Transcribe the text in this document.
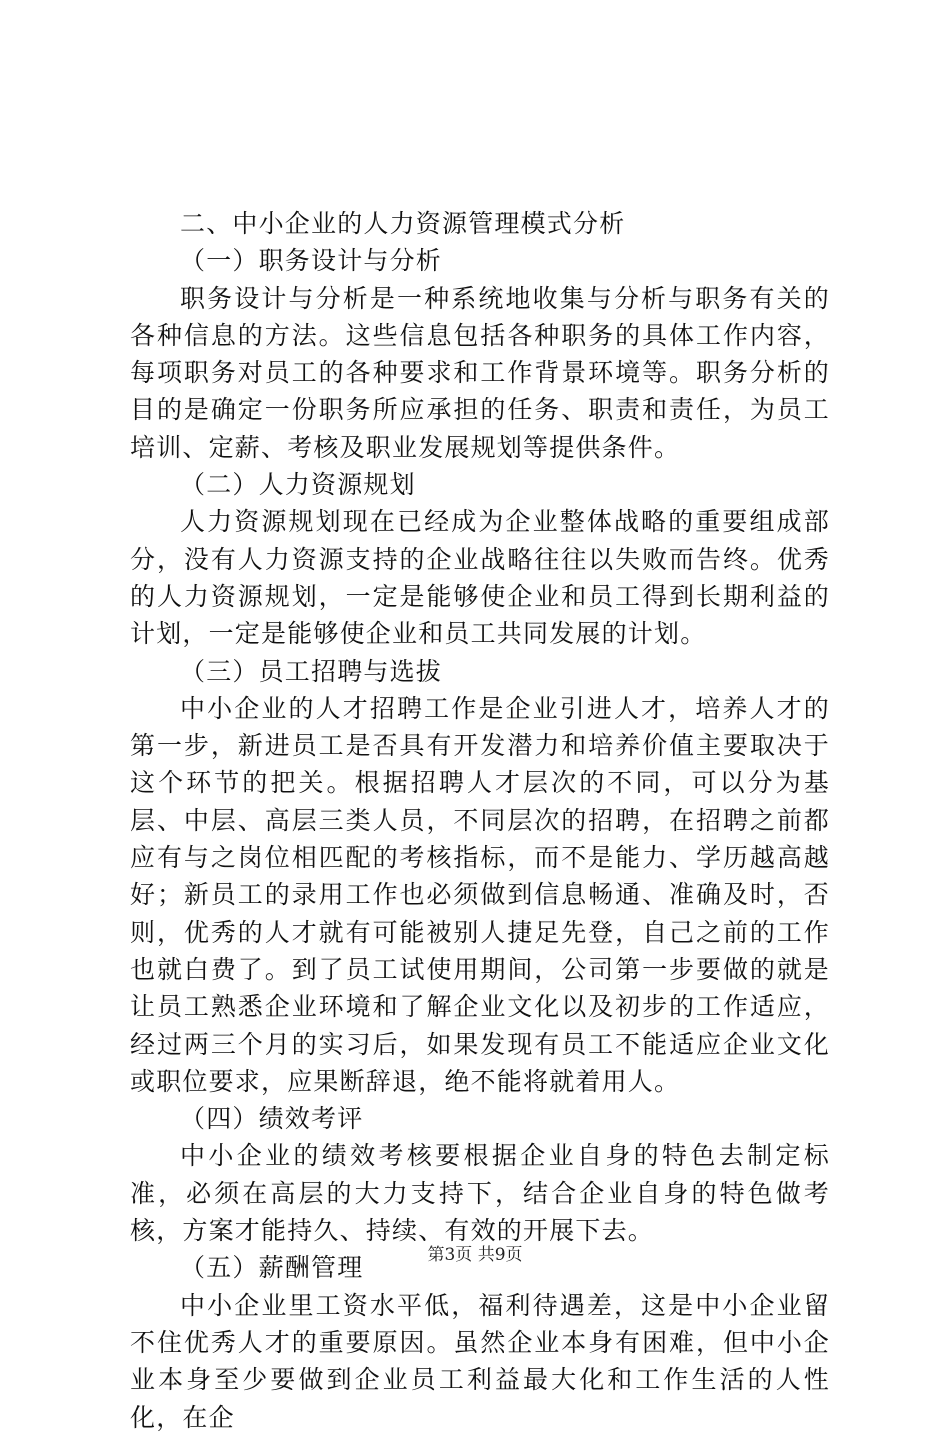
二、中小企业的人力资源管理模式分析

（一）职务设计与分析

职务设计与分析是一种系统地收集与分析与职务有关的各种信息的方法。这些信息包括各种职务的具体工作内容，每项职务对员工的各种要求和工作背景环境等。职务分析的目的是确定一份职务所应承担的任务、职责和责任，为员工培训、定薪、考核及职业发展规划等提供条件。

（二）人力资源规划

人力资源规划现在已经成为企业整体战略的重要组成部分，没有人力资源支持的企业战略往往以失败而告终。优秀的人力资源规划，一定是能够使企业和员工得到长期利益的计划，一定是能够使企业和员工共同发展的计划。

（三）员工招聘与选拔

中小企业的人才招聘工作是企业引进人才，培养人才的第一步，新进员工是否具有开发潜力和培养价值主要取决于这个环节的把关。根据招聘人才层次的不同，可以分为基层、中层、高层三类人员，不同层次的招聘，在招聘之前都应有与之岗位相匹配的考核指标，而不是能力、学历越高越好；新员工的录用工作也必须做到信息畅通、准确及时，否则，优秀的人才就有可能被别人捷足先登，自己之前的工作也就白费了。到了员工试使用期间，公司第一步要做的就是让员工熟悉企业环境和了解企业文化以及初步的工作适应，经过两三个月的实习后，如果发现有员工不能适应企业文化或职位要求，应果断辞退，绝不能将就着用人。

（四）绩效考评

中小企业的绩效考核要根据企业自身的特色去制定标准，必须在高层的大力支持下，结合企业自身的特色做考核，方案才能持久、持续、有效的开展下去。

（五）薪酬管理

中小企业里工资水平低，福利待遇差，这是中小企业留不住优秀人才的重要原因。虽然企业本身有困难，但中小企业本身至少要做到企业员工利益最大化和工作生活的人性化，在企

第3页 共9页
